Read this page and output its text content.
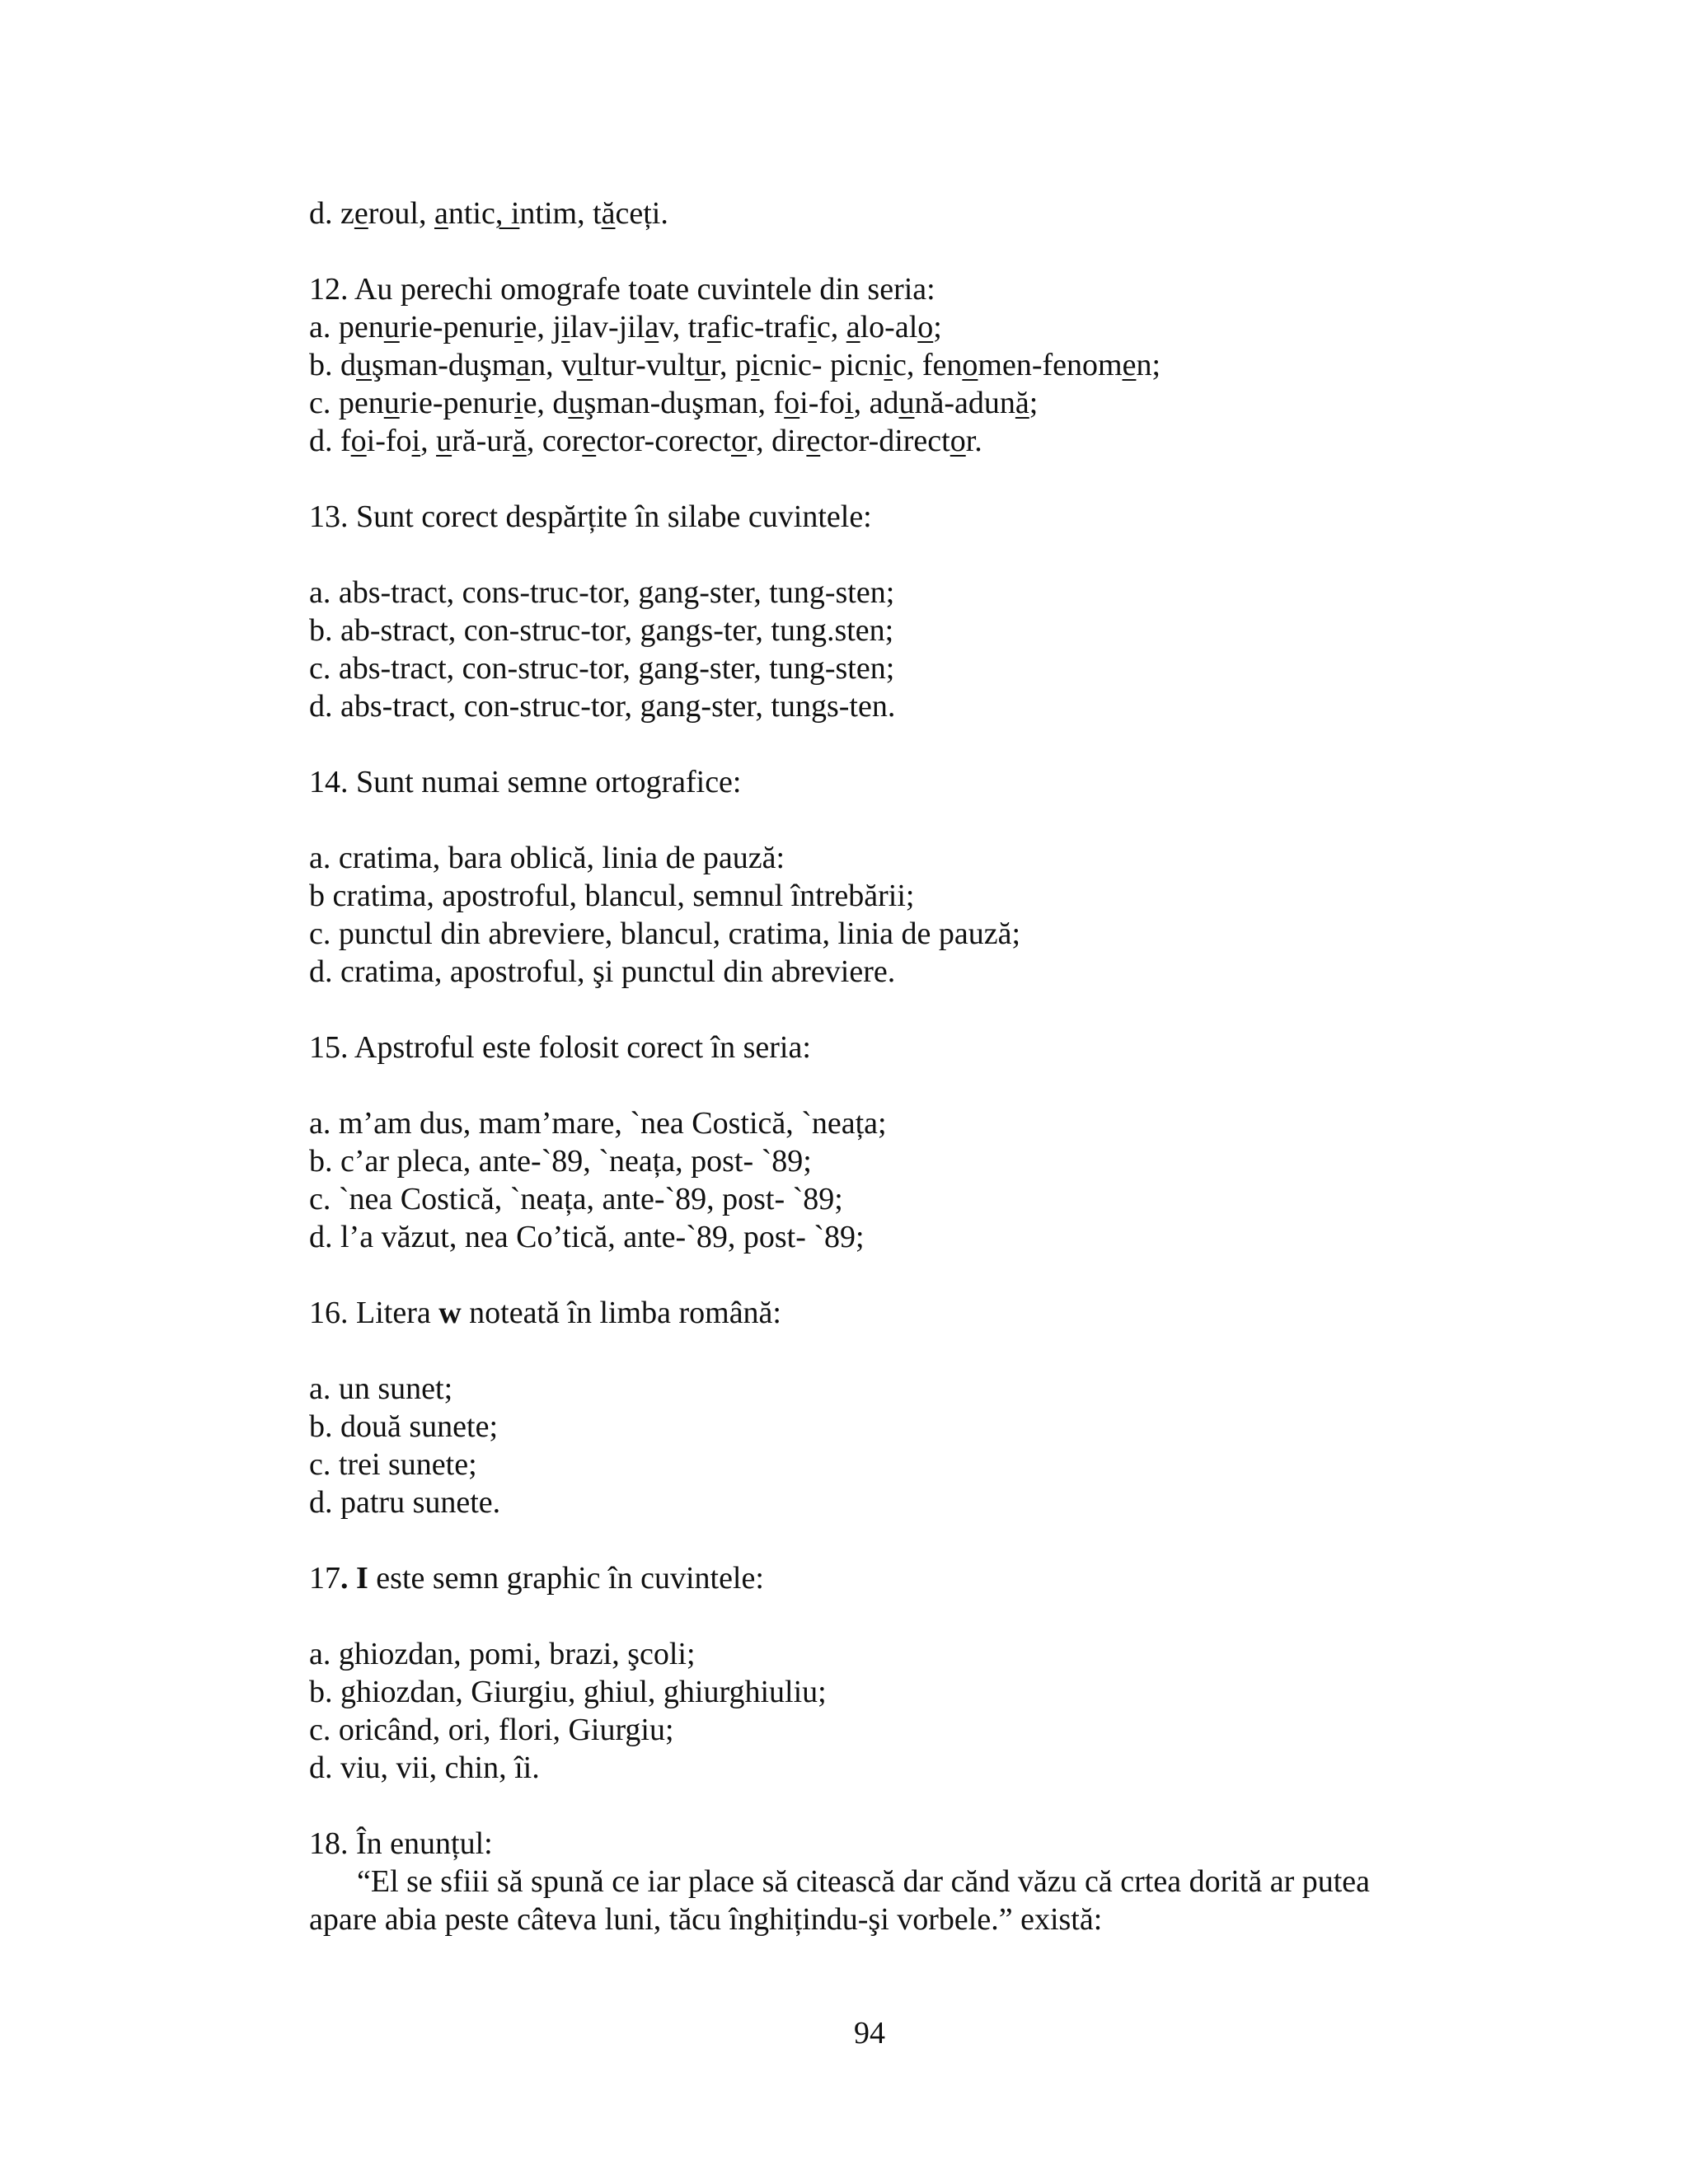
d. zeroul, antic, intim, tăceți.
12. Au perechi omografe toate cuvintele din seria:
a. penurie-penurie, jilav-jilav, trafic-trafic, alo-alo;
b. duşman-duşman, vultur-vultur, picnic- picnic, fenomen-fenomen;
c. penurie-penurie, duşman-duşman, foi-foi, adună-adună;
d. foi-foi, ură-ură, corector-corector, director-director.
13. Sunt corect despărțite în silabe cuvintele:
a. abs-tract, cons-truc-tor, gang-ster, tung-sten;
b. ab-stract, con-struc-tor, gangs-ter, tung.sten;
c. abs-tract, con-struc-tor, gang-ster, tung-sten;
d. abs-tract, con-struc-tor, gang-ster, tungs-ten.
14. Sunt numai semne ortografice:
a. cratima, bara oblică, linia de pauză:
b cratima, apostroful, blancul, semnul întrebării;
c. punctul din abreviere, blancul, cratima, linia de pauză;
d. cratima, apostroful, şi punctul din abreviere.
15. Apstroful este folosit corect în seria:
a. m’am dus, mam’mare, `nea Costică, `neața;
b. c’ar pleca, ante-`89, `neața, post- `89;
c. `nea Costică, `neața, ante-`89, post- `89;
d. l’a văzut, nea Co’tică, ante-`89, post- `89;
16. Litera w noteată în limba română:
a. un sunet;
b. două sunete;
c. trei sunete;
d. patru sunete.
17. I este semn graphic în cuvintele:
a. ghiozdan, pomi, brazi, şcoli;
b. ghiozdan, Giurgiu, ghiul, ghiurghiuliu;
c. oricând, ori, flori, Giurgiu;
d. viu, vii, chin, îi.
18. În enunțul:
“El se sfiii să spună ce iar place să citească dar cănd văzu că crtea dorită ar putea
apare abia peste câteva luni, tăcu înghițindu-şi vorbele.” există:
94
